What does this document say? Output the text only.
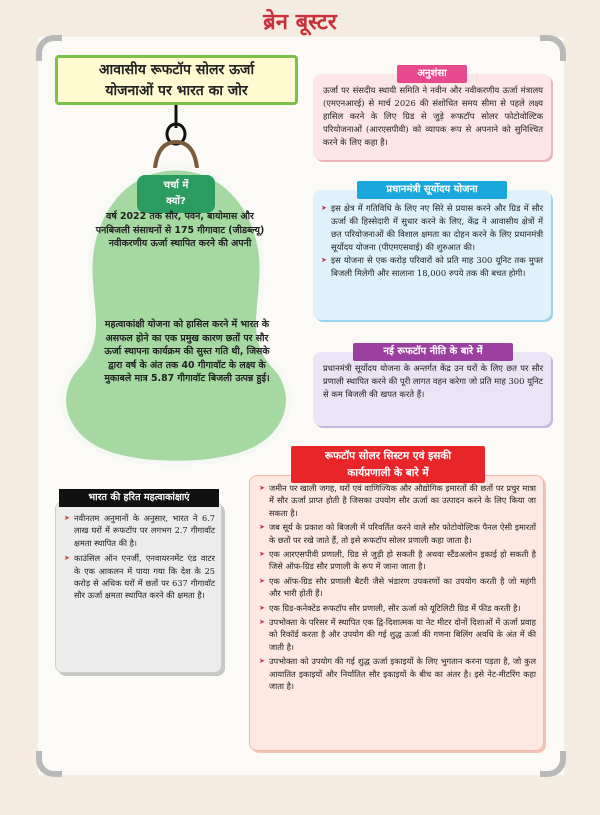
ब्रेन बूस्टर
आवासीय रूफटॉप सोलर ऊर्जा
योजनाओं पर भारत का जोर
चर्चा में
क्यों?
वर्ष 2022 तक सौर, पवन, बायोमास और पनबिजली संसाधनों से 175 गीगावाट (जीडब्ल्यू) नवीकरणीय ऊर्जा स्थापित करने की अपनी
महत्वाकांक्षी योजना को हासिल करने में भारत के असफल होने का एक प्रमुख कारण छतों पर सौर ऊर्जा स्थापना कार्यक्रम की सुस्त गति थी, जिसके द्वारा वर्ष के अंत तक 40 गीगावॉट के लक्ष्य के मुकाबले मात्र 5.87 गीगावॉट बिजली उत्पन्न हुई।
अनुशंसा

ऊर्जा पर संसदीय स्थायी समिति ने नवीन और नवीकरणीय ऊर्जा मंत्रालय (एमएनआरई) से मार्च 2026 की संशोधित समय सीमा से पहले लक्ष्य हासिल करने के लिए ग्रिड से जुड़े रूफटॉप सोलर फोटोवोल्टिक परियोजनाओं (आरएसपीवी) को व्यापक रूप से अपनाने को सुनिश्चित करने के लिए कहा है।

प्रधानमंत्री सूर्योदय योजना
➤ इस क्षेत्र में गतिविधि के लिए नए सिरे से प्रयास करने और ग्रिड में सौर ऊर्जा की हिस्सेदारी में सुधार करने के लिए, केंद्र ने आवासीय क्षेत्रों में छत परियोजनाओं की विशाल क्षमता का दोहन करने के लिए प्रधानमंत्री सूर्योदय योजना (पीएमएसवाई) की शुरुआत की।
➤ इस योजना से एक करोड़ परिवारों को प्रति माह 300 यूनिट तक मुफ्त बिजली मिलेगी और सालाना 18,000 रुपये तक की बचत होगी।
नई रूफटॉप नीति के बारे में

प्रधानमंत्री सूर्योदय योजना के अन्तर्गत केंद्र उन घरों के लिए छत पर सौर प्रणाली स्थापित करने की पूरी लागत वहन करेगा जो प्रति माह 300 यूनिट से कम बिजली की खपत करते हैं।

➤ जमीन पर खाली जगह, घरों एवं वाणिज्यिक और औद्योगिक इमारतों की छतों पर प्रचुर मात्रा में सौर ऊर्जा प्राप्त होती है जिसका उपयोग सौर ऊर्जा का उत्पादन करने के लिए किया जा सकता है।
➤ जब सूर्य के प्रकाश को बिजली में परिवर्तित करने वाले सौर फोटोवोल्टिक पैनल ऐसी इमारतों के छतों पर रखे जाते हैं, तो इसे रूफटॉप सोलर प्रणाली कहा जाता है।
➤ एक आरएसपीवी प्रणाली, ग्रिड से जुड़ी हो सकती है अथवा स्टैंडअलोन इकाई हो सकती है जिसे ऑफ-ग्रिड सौर प्रणाली के रूप में जाना जाता है।
➤ एक ऑफ-ग्रिड सौर प्रणाली बैटरी जैसे भंडारण उपकरणों का उपयोग करती है जो महंगी और भारी होती हैं।
➤ एक ग्रिड-कनेक्टेड रूफटॉप सौर प्रणाली, सौर ऊर्जा को यूटिलिटी ग्रिड में फीड करती है।
➤ उपभोक्ता के परिसर में स्थापित एक द्वि-दिशात्मक या नेट मीटर दोनों दिशाओं में ऊर्जा प्रवाह को रिकॉर्ड करता है और उपयोग की गई शुद्ध ऊर्जा की गणना बिलिंग अवधि के अंत में की जाती है।
➤ उपभोक्ता को उपयोग की गई शुद्ध ऊर्जा इकाइयों के लिए भुगतान करना पड़ता है, जो कुल आयातित इकाइयों और निर्यातित सौर इकाइयों के बीच का अंतर है। इसे नेट-मीटरिंग कहा जाता है।
रूफटॉप सोलर सिस्टम एवं इसकी
कार्यप्रणाली के बारे में
➤ नवीनतम अनुमानों के अनुसार, भारत ने 6.7 लाख घरों में रूफटॉप पर लगभग 2.7 गीगावॉट क्षमता स्थापित की है।
➤ काउंसिल ऑन एनर्जी, एनवायरनमेंट एंड वाटर के एक आकलन में पाया गया कि देश के 25 करोड़ से अधिक घरों में छतों पर 637 गीगावॉट सौर ऊर्जा क्षमता स्थापित करने की क्षमता है।
भारत की हरित महत्वाकांक्षाएं
